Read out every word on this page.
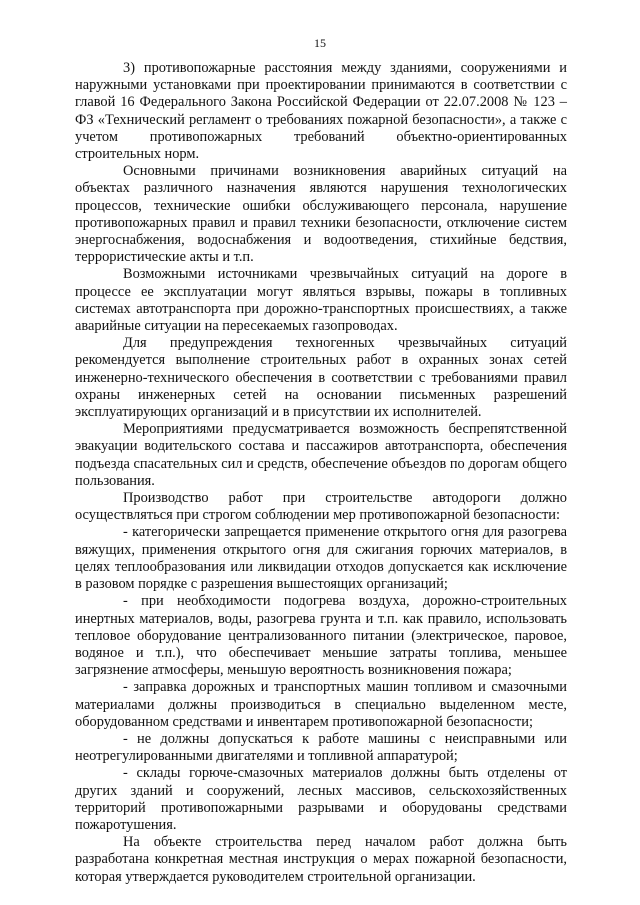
15

3) противопожарные расстояния между зданиями, сооружениями и наружными установками при проектировании принимаются в соответствии с главой 16 Федерального Закона Российской Федерации от 22.07.2008 № 123 – ФЗ «Технический регламент о требованиях пожарной безопасности», а также с учетом противопожарных требований объектно-ориентированных строительных норм.

Основными причинами возникновения аварийных ситуаций на объектах различного назначения являются нарушения технологических процессов, технические ошибки обслуживающего персонала, нарушение противопожарных правил и правил техники безопасности, отключение систем энергоснабжения, водоснабжения и водоотведения, стихийные бедствия, террористические акты и т.п.

Возможными источниками чрезвычайных ситуаций на дороге в процессе ее эксплуатации могут являться взрывы, пожары в топливных системах автотранспорта при дорожно-транспортных происшествиях, а также аварийные ситуации на пересекаемых газопроводах.

Для предупреждения техногенных чрезвычайных ситуаций рекомендуется выполнение строительных работ в охранных зонах сетей инженерно-технического обеспечения в соответствии с требованиями правил охраны инженерных сетей на основании письменных разрешений эксплуатирующих организаций и в присутствии их исполнителей.

Мероприятиями предусматривается возможность беспрепятственной эвакуации водительского состава и пассажиров автотранспорта, обеспечения подъезда спасательных сил и средств, обеспечение объездов по дорогам общего пользования.

Производство работ при строительстве автодороги должно осуществляться при строгом соблюдении мер противопожарной безопасности:

- категорически запрещается применение открытого огня для разогрева вяжущих, применения открытого огня для сжигания горючих материалов, в целях теплообразования или ликвидации отходов допускается как исключение в разовом порядке с разрешения вышестоящих организаций;

- при необходимости подогрева воздуха, дорожно-строительных инертных материалов, воды, разогрева грунта и т.п. как правило, использовать тепловое оборудование централизованного питании (электрическое, паровое, водяное и т.п.), что обеспечивает меньшие затраты топлива, меньшее загрязнение атмосферы, меньшую вероятность возникновения пожара;

- заправка дорожных и транспортных машин топливом и смазочными материалами должны производиться в специально выделенном месте, оборудованном средствами и инвентарем противопожарной безопасности;

- не должны допускаться к работе машины с неисправными или неотрегулированными двигателями и топливной аппаратурой;

- склады горюче-смазочных материалов должны быть отделены от других зданий и сооружений, лесных массивов, сельскохозяйственных территорий противопожарными разрывами и оборудованы средствами пожаротушения.

На объекте строительства перед началом работ должна быть разработана конкретная местная инструкция о мерах пожарной безопасности, которая утверждается руководителем строительной организации.
